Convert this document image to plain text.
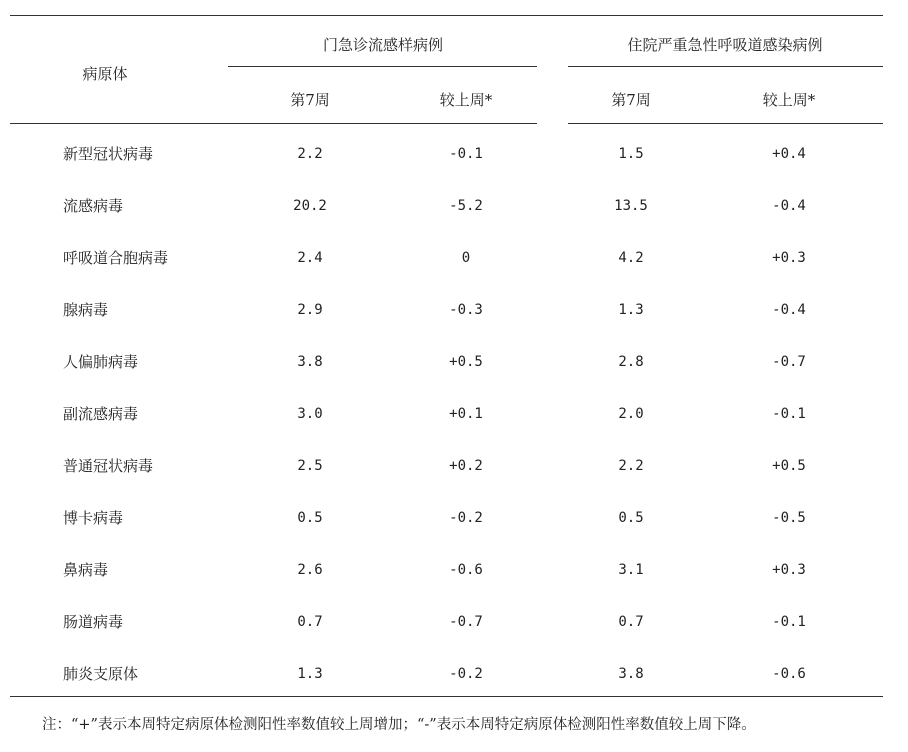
病原体
门急诊流感样病例	住院严重急性呼吸道感染病例
第7周	较上周*	第7周	较上周*
新型冠状病毒	2.2	-0.1	1.5	+0.4
流感病毒	20.2	-5.2	13.5	-0.4
呼吸道合胞病毒	2.4	0	4.2	+0.3
腺病毒	2.9	-0.3	1.3	-0.4
人偏肺病毒	3.8	+0.5	2.8	-0.7
副流感病毒	3.0	+0.1	2.0	-0.1
普通冠状病毒	2.5	+0.2	2.2	+0.5
博卡病毒	0.5	-0.2	0.5	-0.5
鼻病毒	2.6	-0.6	3.1	+0.3
肠道病毒	0.7	-0.7	0.7	-0.1
肺炎支原体	1.3	-0.2	3.8	-0.6
注：“+”表示本周特定病原体检测阳性率数值较上周增加；“-”表示本周特定病原体检测阳性率数值较上周下降。
